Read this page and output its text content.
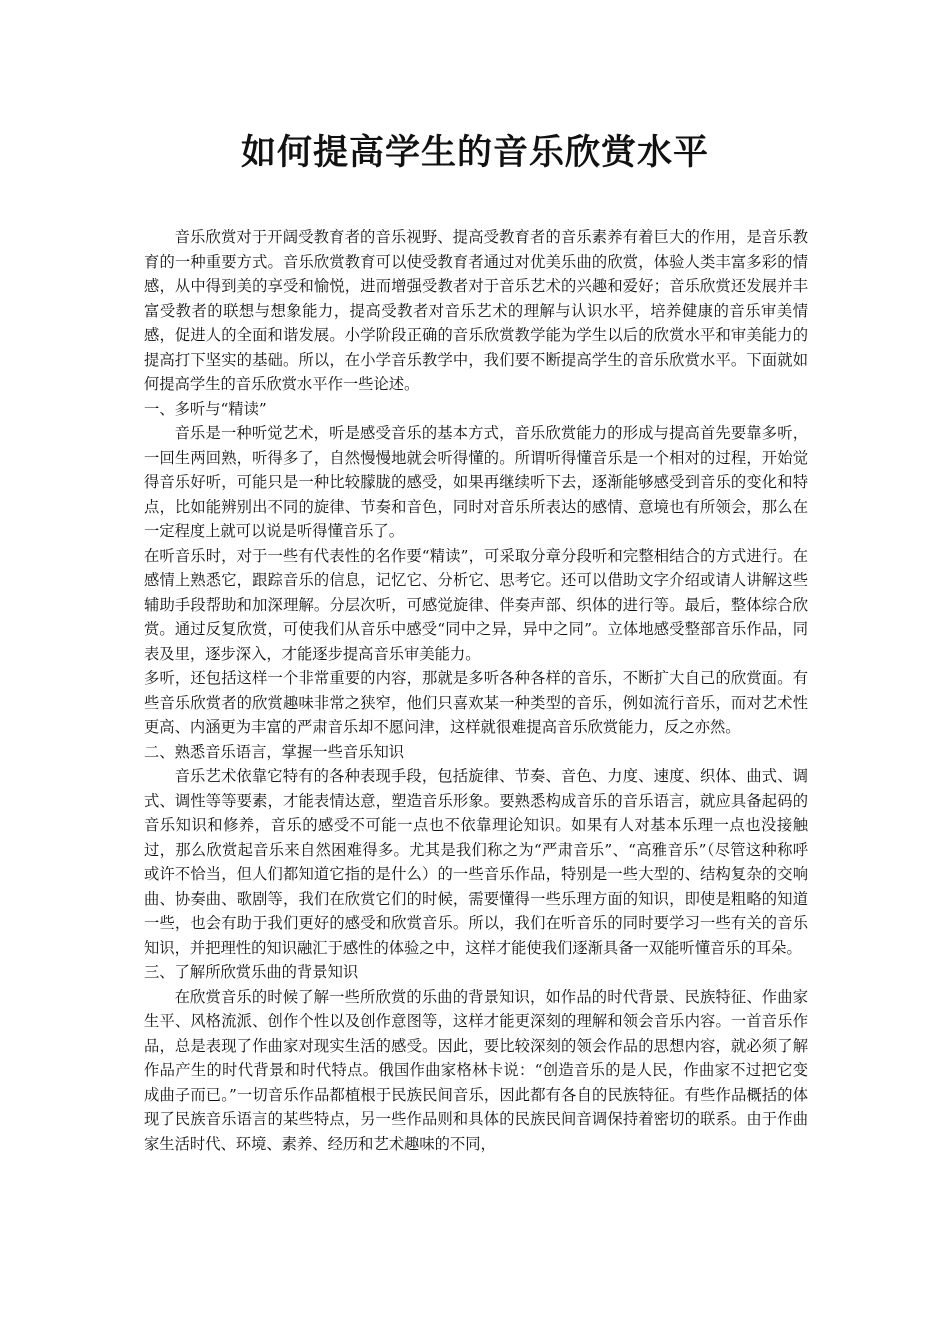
如何提高学生的音乐欣赏水平

音乐欣赏对于开阔受教育者的音乐视野、提高受教育者的音乐素养有着巨大的作用，是音乐教育的一种重要方式。音乐欣赏教育可以使受教育者通过对优美乐曲的欣赏，体验人类丰富多彩的情感，从中得到美的享受和愉悦，进而增强受教者对于音乐艺术的兴趣和爱好；音乐欣赏还发展并丰富受教者的联想与想象能力，提高受教者对音乐艺术的理解与认识水平，培养健康的音乐审美情感，促进人的全面和谐发展。小学阶段正确的音乐欣赏教学能为学生以后的欣赏水平和审美能力的提高打下坚实的基础。所以，在小学音乐教学中，我们要不断提高学生的音乐欣赏水平。下面就如何提高学生的音乐欣赏水平作一些论述。

一、多听与“精读”

音乐是一种听觉艺术，听是感受音乐的基本方式，音乐欣赏能力的形成与提高首先要靠多听，一回生两回熟，听得多了，自然慢慢地就会听得懂的。所谓听得懂音乐是一个相对的过程，开始觉得音乐好听，可能只是一种比较朦胧的感受，如果再继续听下去，逐渐能够感受到音乐的变化和特点，比如能辨别出不同的旋律、节奏和音色，同时对音乐所表达的感情、意境也有所领会，那么在一定程度上就可以说是听得懂音乐了。

在听音乐时，对于一些有代表性的名作要“精读”，可采取分章分段听和完整相结合的方式进行。在感情上熟悉它，跟踪音乐的信息，记忆它、分析它、思考它。还可以借助文字介绍或请人讲解这些辅助手段帮助和加深理解。分层次听，可感觉旋律、伴奏声部、织体的进行等。最后，整体综合欣赏。通过反复欣赏，可使我们从音乐中感受“同中之异，异中之同”。立体地感受整部音乐作品，同表及里，逐步深入，才能逐步提高音乐审美能力。

多听，还包括这样一个非常重要的内容，那就是多听各种各样的音乐，不断扩大自己的欣赏面。有些音乐欣赏者的欣赏趣味非常之狭窄，他们只喜欢某一种类型的音乐，例如流行音乐，而对艺术性更高、内涵更为丰富的严肃音乐却不愿问津，这样就很难提高音乐欣赏能力，反之亦然。

二、熟悉音乐语言，掌握一些音乐知识

音乐艺术依靠它特有的各种表现手段，包括旋律、节奏、音色、力度、速度、织体、曲式、调式、调性等等要素，才能表情达意，塑造音乐形象。要熟悉构成音乐的音乐语言，就应具备起码的音乐知识和修养，音乐的感受不可能一点也不依靠理论知识。如果有人对基本乐理一点也没接触过，那么欣赏起音乐来自然困难得多。尤其是我们称之为“严肃音乐”、“高雅音乐”（尽管这种称呼或许不恰当，但人们都知道它指的是什么）的一些音乐作品，特别是一些大型的、结构复杂的交响曲、协奏曲、歌剧等，我们在欣赏它们的时候，需要懂得一些乐理方面的知识，即使是粗略的知道一些，也会有助于我们更好的感受和欣赏音乐。所以，我们在听音乐的同时要学习一些有关的音乐知识，并把理性的知识融汇于感性的体验之中，这样才能使我们逐渐具备一双能听懂音乐的耳朵。

三、了解所欣赏乐曲的背景知识

在欣赏音乐的时候了解一些所欣赏的乐曲的背景知识，如作品的时代背景、民族特征、作曲家生平、风格流派、创作个性以及创作意图等，这样才能更深刻的理解和领会音乐内容。一首音乐作品，总是表现了作曲家对现实生活的感受。因此，要比较深刻的领会作品的思想内容，就必须了解作品产生的时代背景和时代特点。俄国作曲家格林卡说：“创造音乐的是人民，作曲家不过把它变成曲子而已。”一切音乐作品都植根于民族民间音乐，因此都有各自的民族特征。有些作品概括的体现了民族音乐语言的某些特点，另一些作品则和具体的民族民间音调保持着密切的联系。由于作曲家生活时代、环境、素养、经历和艺术趣味的不同，
